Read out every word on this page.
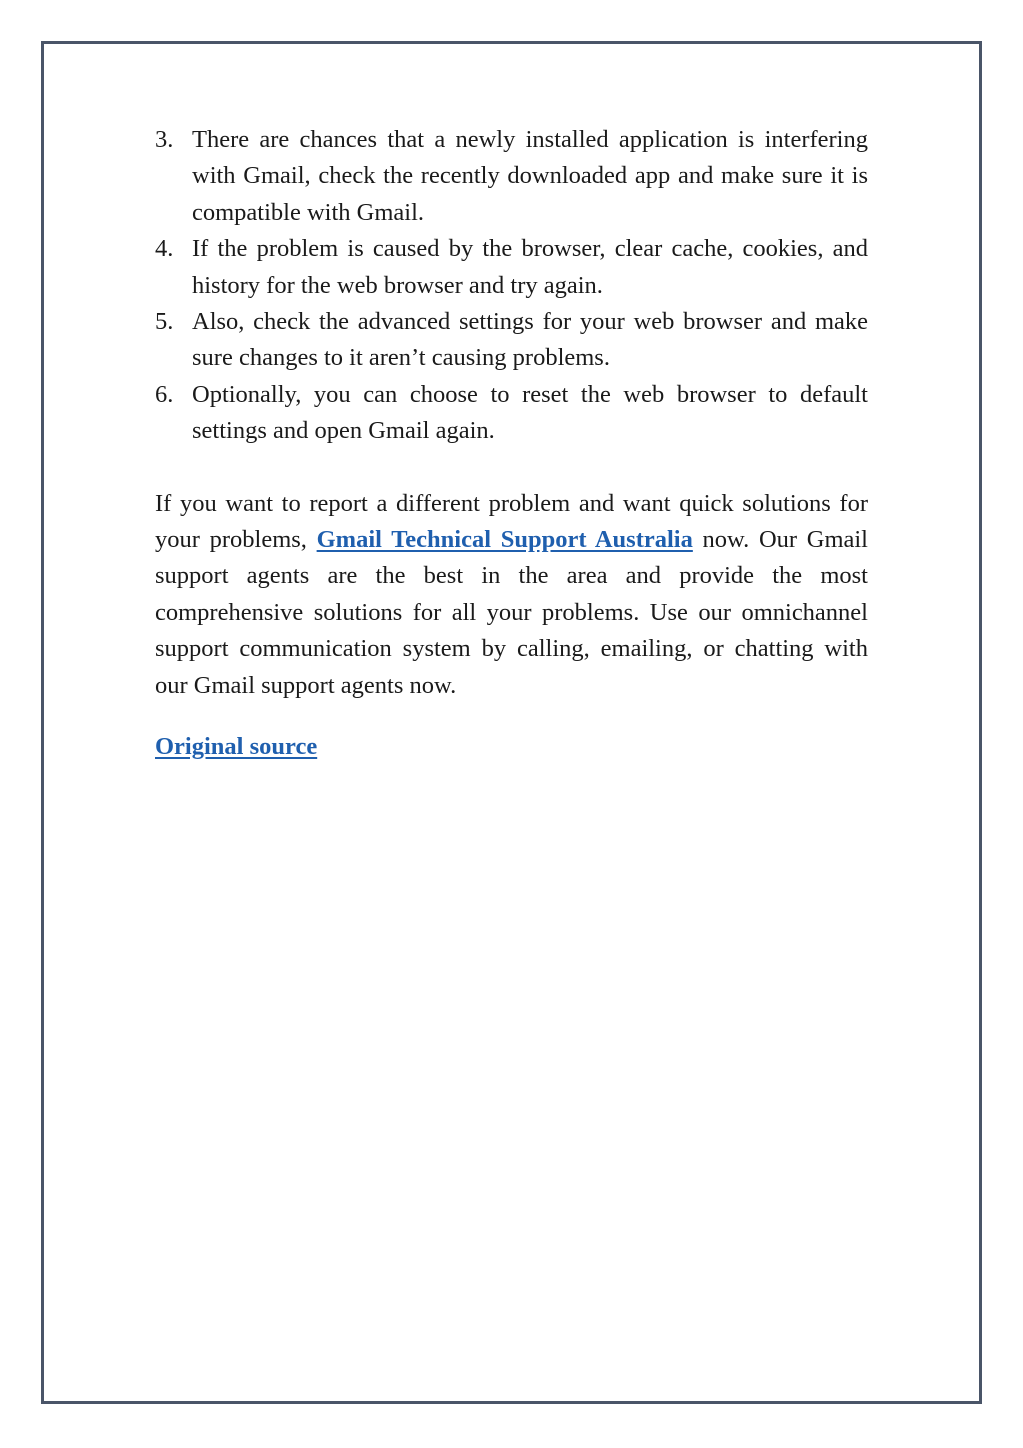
3. There are chances that a newly installed application is interfering with Gmail, check the recently downloaded app and make sure it is compatible with Gmail.
4. If the problem is caused by the browser, clear cache, cookies, and history for the web browser and try again.
5. Also, check the advanced settings for your web browser and make sure changes to it aren’t causing problems.
6. Optionally, you can choose to reset the web browser to default settings and open Gmail again.

If you want to report a different problem and want quick solutions for your problems, Gmail Technical Support Australia now. Our Gmail support agents are the best in the area and provide the most comprehensive solutions for all your problems. Use our omnichannel support communication system by calling, emailing, or chatting with our Gmail support agents now.

Original source
